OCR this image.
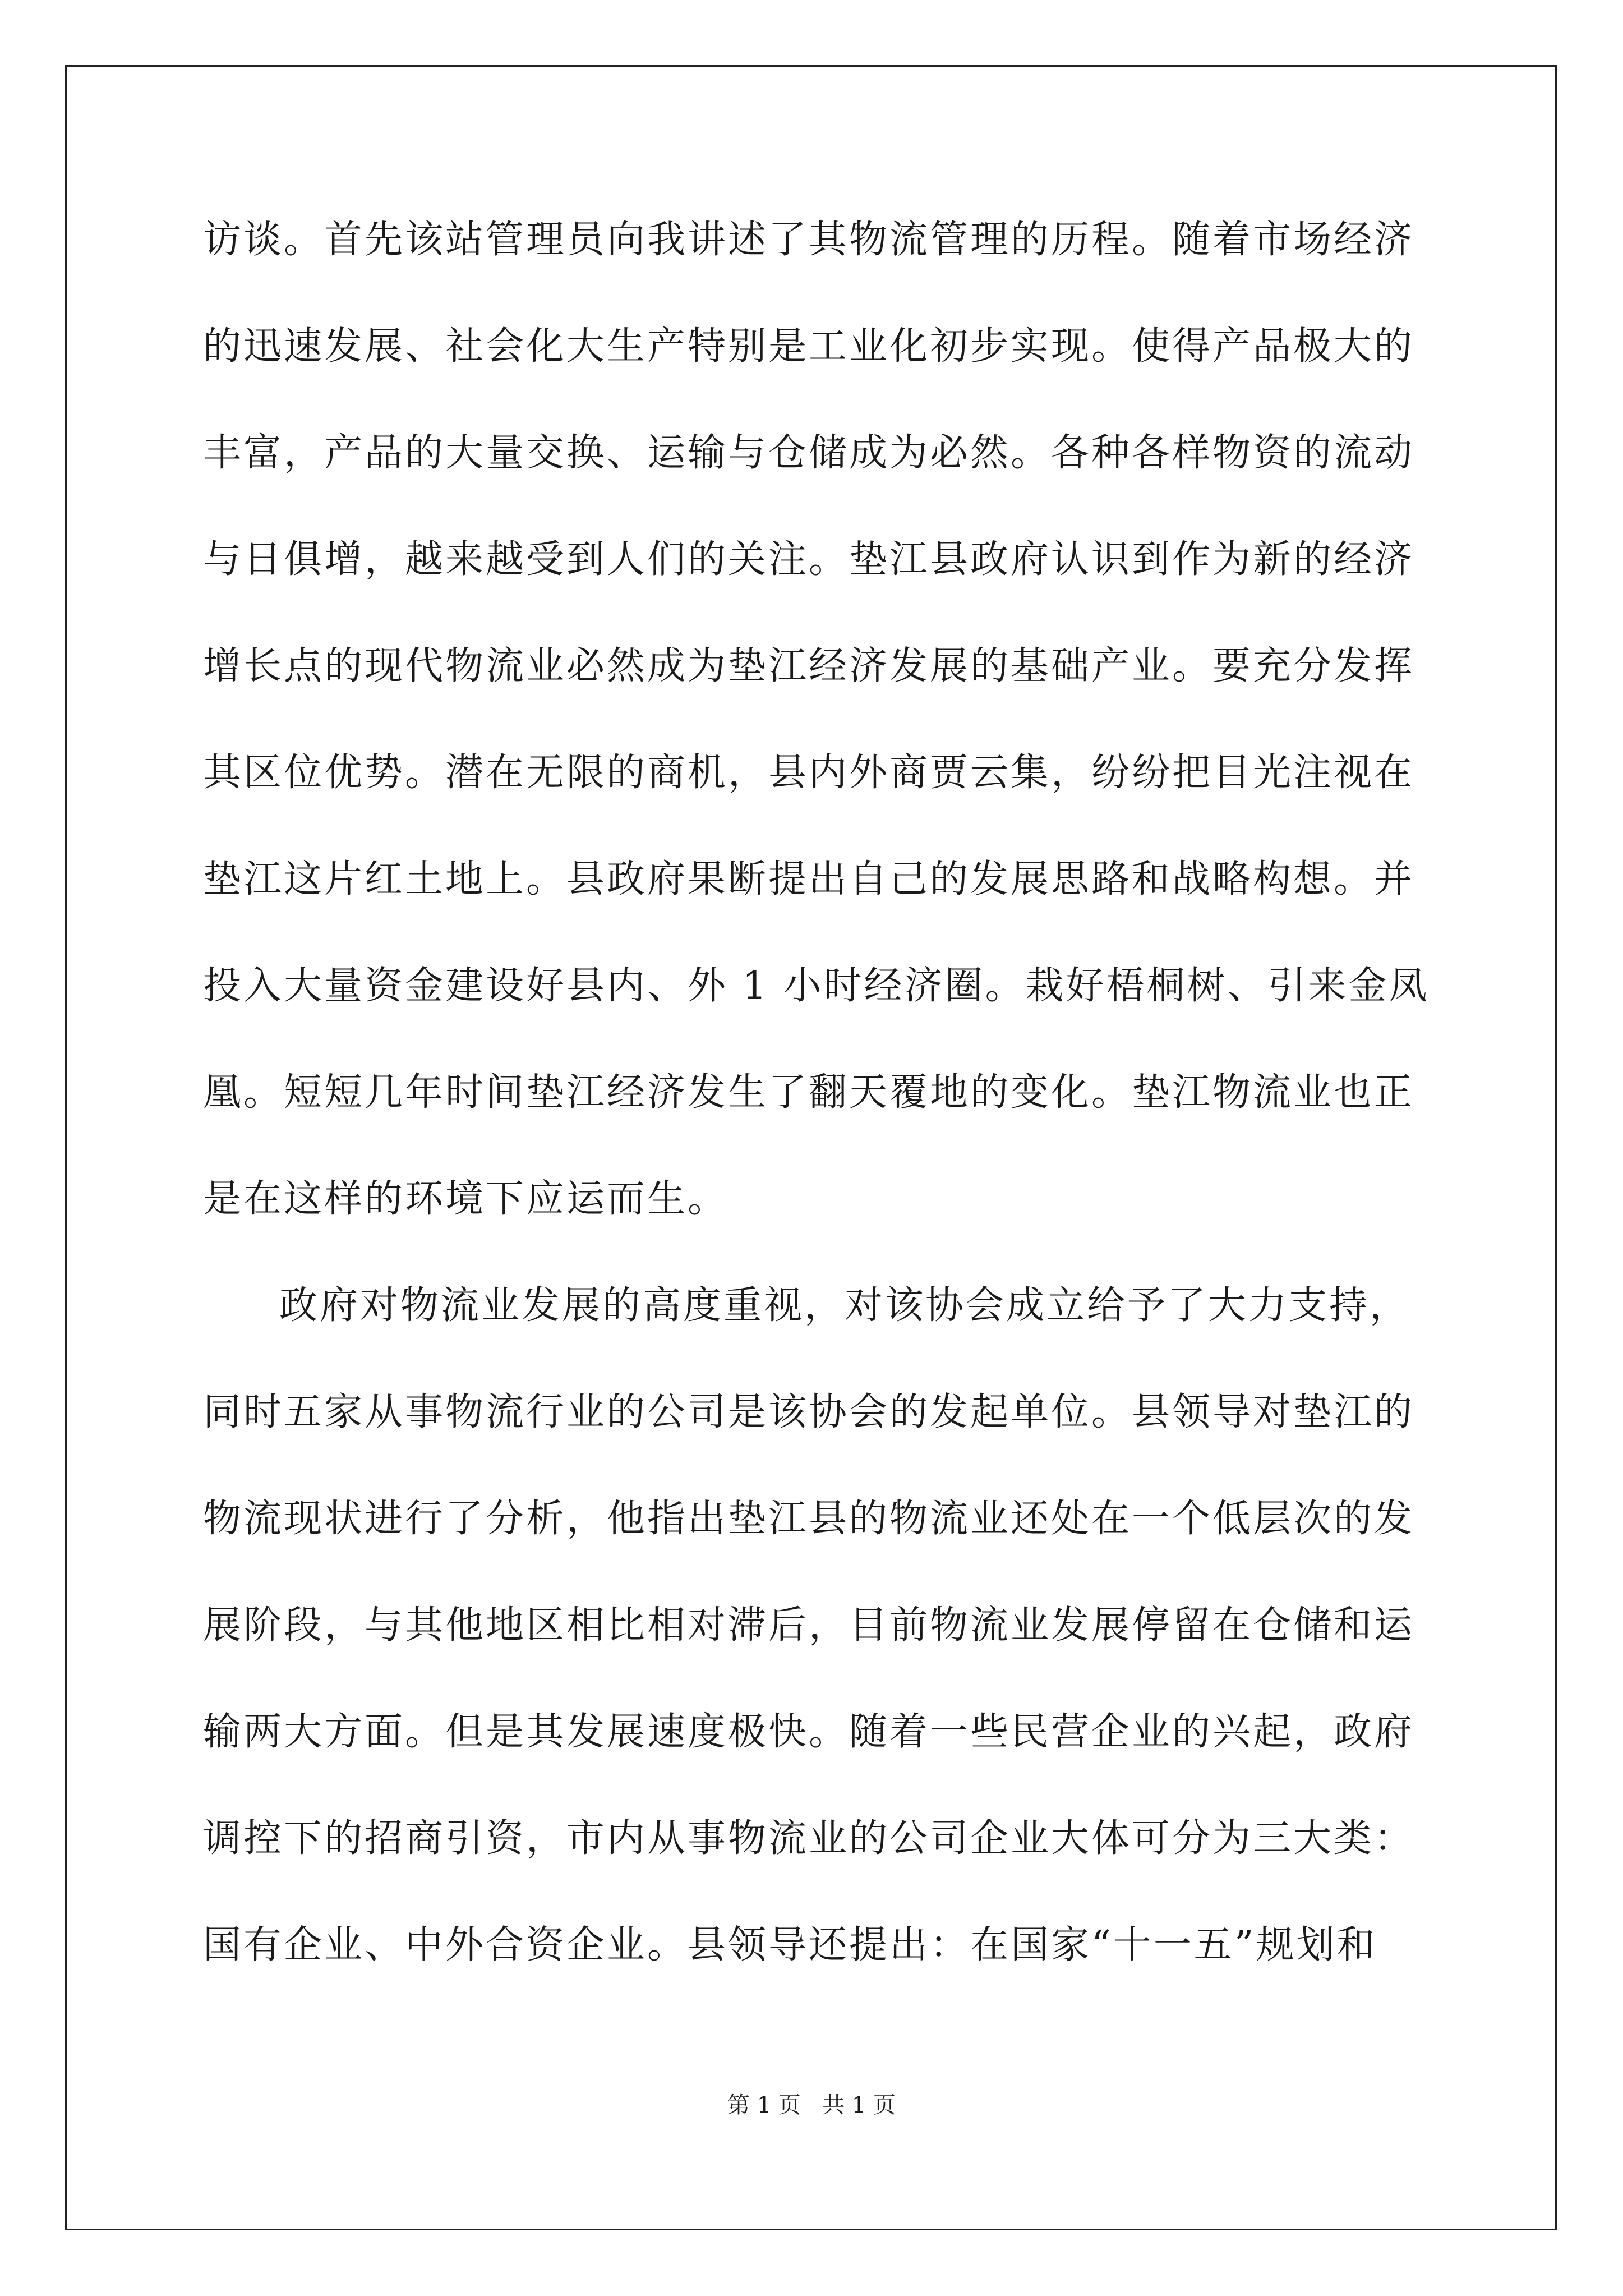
访谈。首先该站管理员向我讲述了其物流管理的历程。随着市场经济
的迅速发展、社会化大生产特别是工业化初步实现。使得产品极大的
丰富，产品的大量交换、运输与仓储成为必然。各种各样物资的流动
与日俱增，越来越受到人们的关注。垫江县政府认识到作为新的经济
增长点的现代物流业必然成为垫江经济发展的基础产业。要充分发挥
其区位优势。潜在无限的商机，县内外商贾云集，纷纷把目光注视在
垫江这片红土地上。县政府果断提出自己的发展思路和战略构想。并
投入大量资金建设好县内、外 1 小时经济圈。栽好梧桐树、引来金凤
凰。短短几年时间垫江经济发生了翻天覆地的变化。垫江物流业也正
是在这样的环境下应运而生。
政府对物流业发展的高度重视，对该协会成立给予了大力支持，
同时五家从事物流行业的公司是该协会的发起单位。县领导对垫江的
物流现状进行了分析，他指出垫江县的物流业还处在一个低层次的发
展阶段，与其他地区相比相对滞后，目前物流业发展停留在仓储和运
输两大方面。但是其发展速度极快。随着一些民营企业的兴起，政府
调控下的招商引资，市内从事物流业的公司企业大体可分为三大类：
国有企业、中外合资企业。县领导还提出：在国家“十一五”规划和
第 1 页   共 1 页
